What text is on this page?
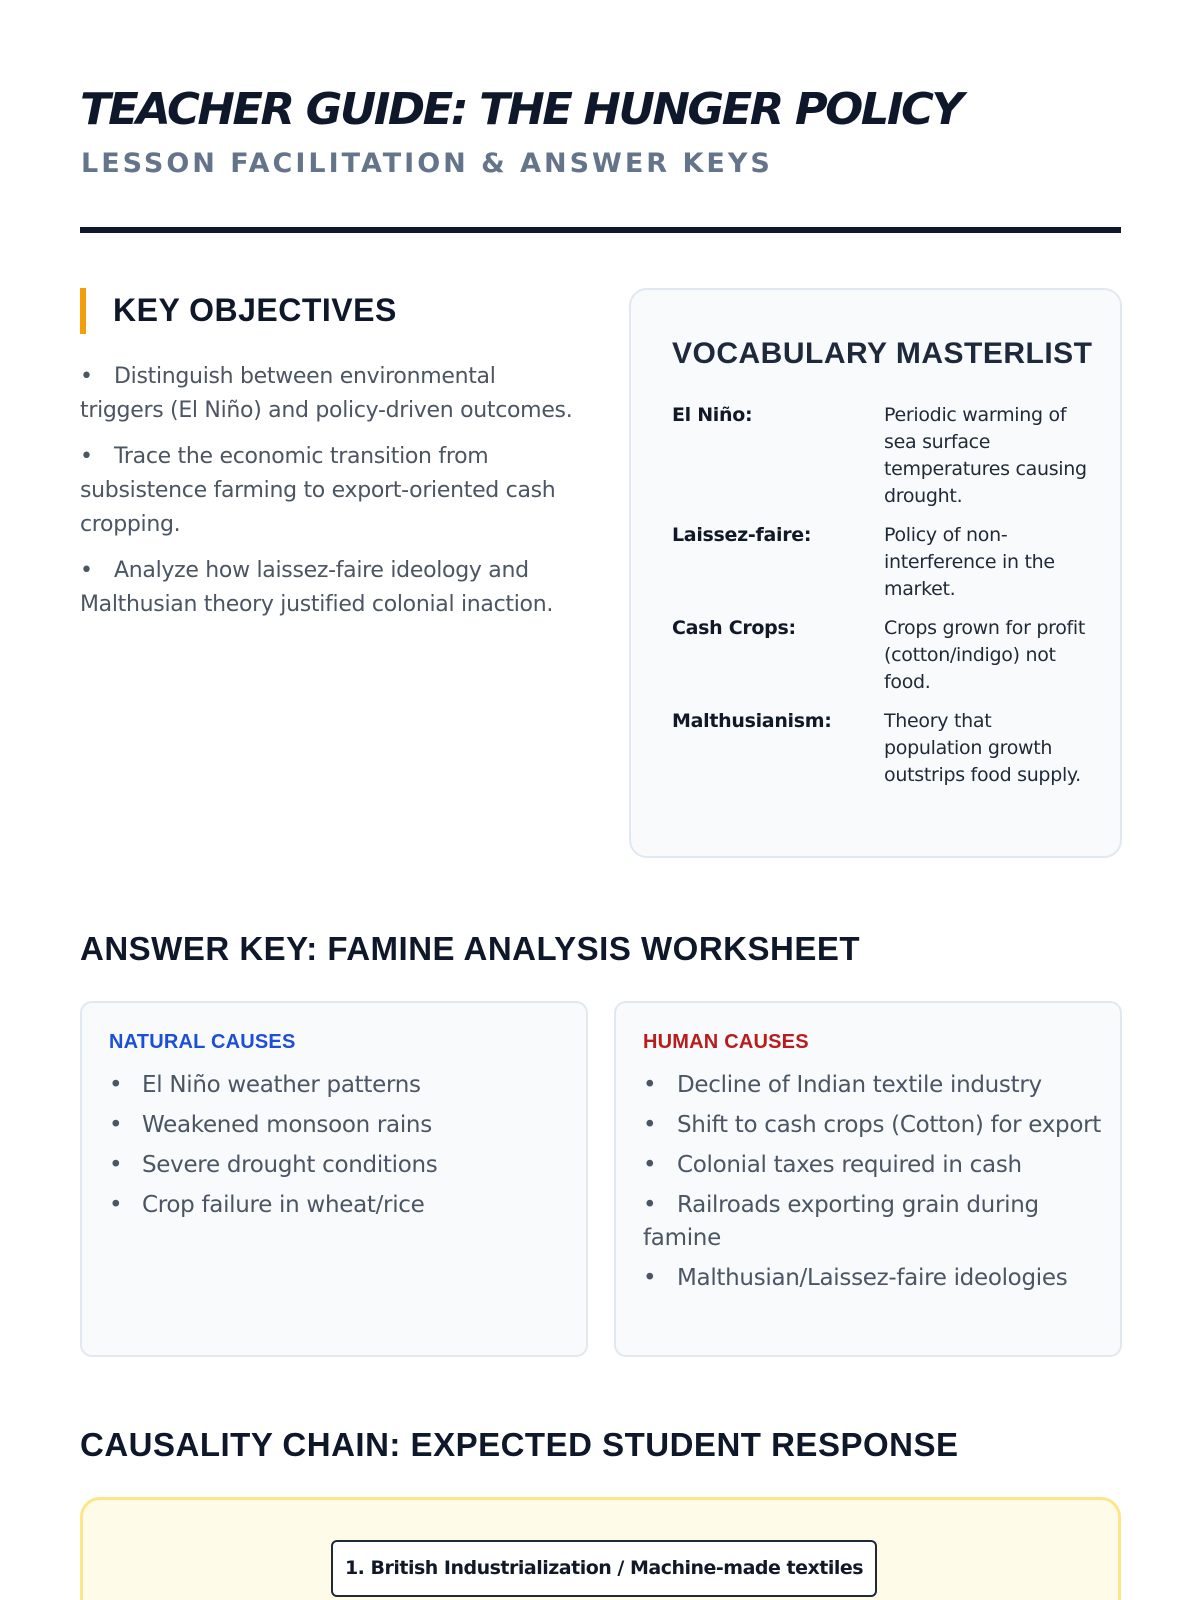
TEACHER GUIDE: THE HUNGER POLICY
LESSON FACILITATION & ANSWER KEYS
KEY OBJECTIVES
• Distinguish between environmental triggers (El Niño) and policy-driven outcomes.
• Trace the economic transition from subsistence farming to export-oriented cash cropping.
• Analyze how laissez-faire ideology and Malthusian theory justified colonial inaction.
VOCABULARY MASTERLIST
El Niño:	Periodic warming of sea surface temperatures causing drought.
Laissez-faire:	Policy of non-interference in the market.
Cash Crops:	Crops grown for profit (cotton/indigo) not food.
Malthusianism:	Theory that population growth outstrips food supply.
ANSWER KEY: FAMINE ANALYSIS WORKSHEET
NATURAL CAUSES
• El Niño weather patterns
• Weakened monsoon rains
• Severe drought conditions
• Crop failure in wheat/rice
HUMAN CAUSES
• Decline of Indian textile industry
• Shift to cash crops (Cotton) for export
• Colonial taxes required in cash
• Railroads exporting grain during famine
• Malthusian/Laissez-faire ideologies
CAUSALITY CHAIN: EXPECTED STUDENT RESPONSE
1. British Industrialization / Machine-made textiles
